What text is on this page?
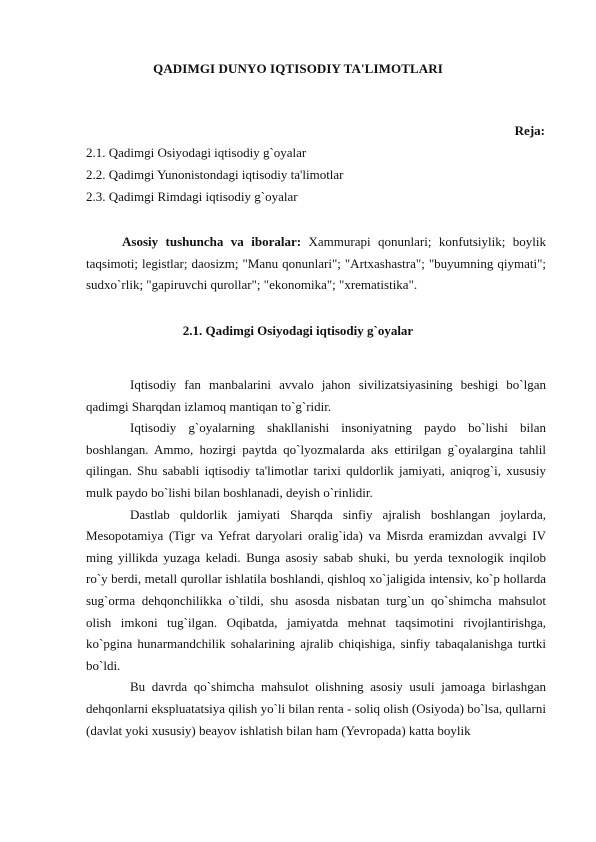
QADIMGI DUNYO IQTISODIY TA'LIMOTLARI
Reja:
2.1. Qadimgi Osiyodagi iqtisodiy g`oyalar
2.2. Qadimgi Yunonistondagi iqtisodiy ta'limotlar
2.3. Qadimgi Rimdagi iqtisodiy g`oyalar

Asosiy tushuncha va iboralar: Xammurapi qonunlari; konfutsiylik; boylik taqsimoti; legistlar; daosizm; "Manu qonunlari"; "Artxashastra"; "buyumning qiymati"; sudxo`rlik; "gapiruvchi qurollar"; "ekonomika"; "xrematistika".

2.1. Qadimgi Osiyodagi iqtisodiy g`oyalar

Iqtisodiy fan manbalarini avvalo jahon sivilizatsiyasining beshigi bo`lgan qadimgi Sharqdan izlamoq mantiqan to`g`ridir.

Iqtisodiy g`oyalarning shakllanishi insoniyatning paydo bo`lishi bilan boshlangan. Ammo, hozirgi paytda qo`lyozmalarda aks ettirilgan g`oyalargina tahlil qilingan. Shu sababli iqtisodiy ta'limotlar tarixi quldorlik jamiyati, aniqrog`i, xususiy mulk paydo bo`lishi bilan boshlanadi, deyish o`rinlidir.

Dastlab quldorlik jamiyati Sharqda sinfiy ajralish boshlangan joylarda, Mesopotamiya (Tigr va Yefrat daryolari oralig`ida) va Misrda eramizdan avvalgi IV ming yillikda yuzaga keladi. Bunga asosiy sabab shuki, bu yerda texnologik inqilob ro`y berdi, metall qurollar ishlatila boshlandi, qishloq xo`jaligida intensiv, ko`p hollarda sug`orma dehqonchilikka o`tildi, shu asosda nisbatan turg`un qo`shimcha mahsulot olish imkoni tug`ilgan. Oqibatda, jamiyatda mehnat taqsimotini rivojlantirishga, ko`pgina hunarmandchilik sohalarining ajralib chiqishiga, sinfiy tabaqalanishga turtki bo`ldi.

Bu davrda qo`shimcha mahsulot olishning asosiy usuli jamoaga birlashgan dehqonlarni ekspluatatsiya qilish yo`li bilan renta - soliq olish (Osiyoda) bo`lsa, qullarni (davlat yoki xususiy) beayov ishlatish bilan ham (Yevropada) katta boylik
